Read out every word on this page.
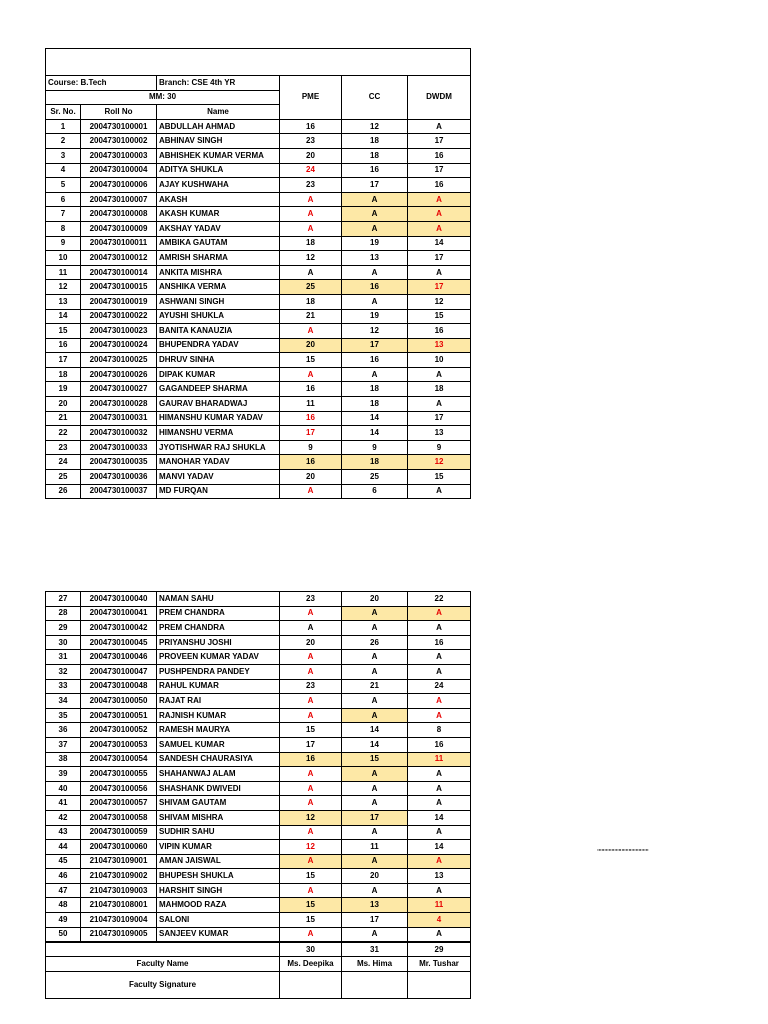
Course: B.Tech		Branch: CSE 4th YR	PME	CC	DWDM
MM: 30					
Sr. No.	Roll No	Name			
1	2004730100001	ABDULLAH AHMAD	16	12	A
2	2004730100002	ABHINAV SINGH	23	18	17
3	2004730100003	ABHISHEK KUMAR VERMA	20	18	16
4	2004730100004	ADITYA SHUKLA	24	16	17
5	2004730100006	AJAY KUSHWAHA	23	17	16
6	2004730100007	AKASH	A	A	A
7	2004730100008	AKASH KUMAR	A	A	A
8	2004730100009	AKSHAY YADAV	A	A	A
9	2004730100011	AMBIKA GAUTAM	18	19	14
10	2004730100012	AMRISH SHARMA	12	13	17
11	2004730100014	ANKITA MISHRA	A	A	A
12	2004730100015	ANSHIKA VERMA	25	16	17
13	2004730100019	ASHWANI SINGH	18	A	12
14	2004730100022	AYUSHI SHUKLA	21	19	15
15	2004730100023	BANITA KANAUZIA	A	12	16
16	2004730100024	BHUPENDRA YADAV	20	17	13
17	2004730100025	DHRUV SINHA	15	16	10
18	2004730100026	DIPAK KUMAR	A	A	A
19	2004730100027	GAGANDEEP SHARMA	16	18	18
20	2004730100028	GAURAV BHARADWAJ	11	18	A
21	2004730100031	HIMANSHU KUMAR YADAV	16	14	17
22	2004730100032	HIMANSHU VERMA	17	14	13
23	2004730100033	JYOTISHWAR RAJ SHUKLA	9	9	9
24	2004730100035	MANOHAR YADAV	16	18	12
25	2004730100036	MANVI YADAV	20	25	15
26	2004730100037	MD FURQAN	A	6	A
27	2004730100040	NAMAN SAHU	23	20	22
28	2004730100041	PREM CHANDRA	A	A	A
29	2004730100042	PREM CHANDRA	A	A	A
30	2004730100045	PRIYANSHU JOSHI	20	26	16
31	2004730100046	PROVEEN KUMAR YADAV	A	A	A
32	2004730100047	PUSHPENDRA PANDEY	A	A	A
33	2004730100048	RAHUL KUMAR	23	21	24
34	2004730100050	RAJAT RAI	A	A	A
35	2004730100051	RAJNISH KUMAR	A	A	A
36	2004730100052	RAMESH MAURYA	15	14	8
37	2004730100053	SAMUEL KUMAR	17	14	16
38	2004730100054	SANDESH CHAURASIYA	16	15	11
39	2004730100055	SHAHANWAJ ALAM	A	A	A
40	2004730100056	SHASHANK DWIVEDI	A	A	A
41	2004730100057	SHIVAM GAUTAM	A	A	A
42	2004730100058	SHIVAM MISHRA	12	17	14
43	2004730100059	SUDHIR SAHU	A	A	A
44	2004730100060	VIPIN KUMAR	12	11	14
45	2104730109001	AMAN JAISWAL	A	A	A
46	2104730109002	BHUPESH SHUKLA	15	20	13
47	2104730109003	HARSHIT SINGH	A	A	A
48	2104730108001	MAHMOOD RAZA	15	13	11
49	2104730109004	SALONI	15	17	4
50	2104730109005	SANJEEV KUMAR	A	A	A
			30	31	29
Faculty Name			Ms. Deepika	Ms. Hima	Mr. Tushar
Faculty Signature					
''''''''''''''''''''''''''''''''''''
